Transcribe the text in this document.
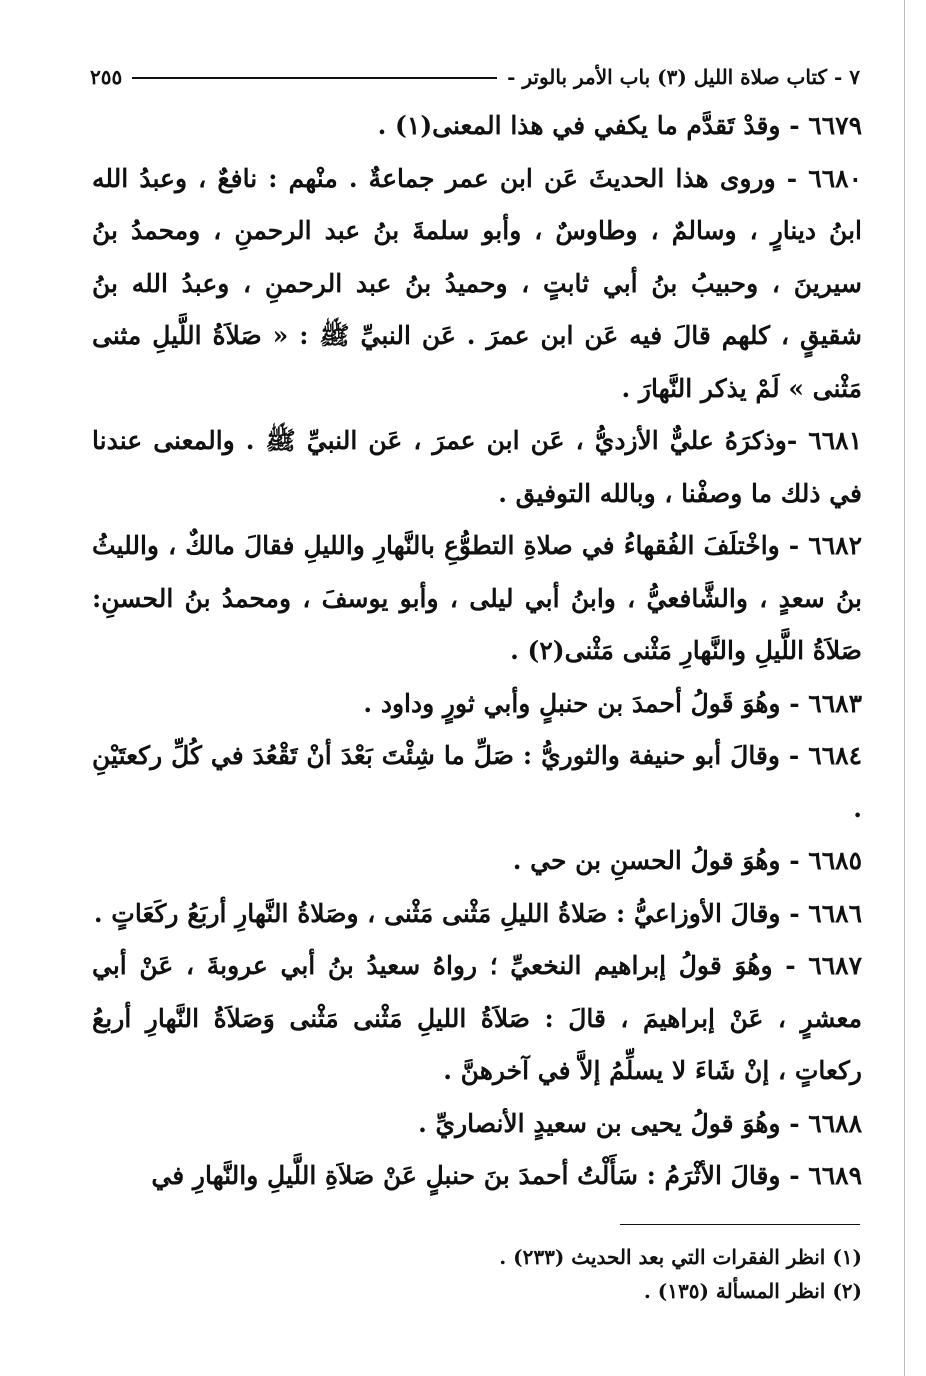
٧ - كتاب صلاة الليل (٣) باب الأمر بالوتر -
٢٥٥

٦٦٧٩ - وقدْ تَقدَّم ما يكفي في هذا المعنى(١) .

٦٦٨٠ - وروى هذا الحديثَ عَن ابن عمر جماعةٌ . منْهم : نافعٌ ، وعبدُ الله ابنُ دينارٍ ، وسالمٌ ، وطاوسٌ ، وأبو سلمةَ بنُ عبد الرحمنِ ، ومحمدُ بنُ سيرينَ ، وحبيبُ بنُ أبي ثابتٍ ، وحميدُ بنُ عبد الرحمنِ ، وعبدُ الله بنُ شقيقٍ ، كلهم قالَ فيه عَن ابن عمرَ . عَن النبيِّ ﷺ : « صَلاَةُ اللَّيلِ مثنى مَثْنى » لَمْ يذكر النَّهارَ .

٦٦٨١ -وذكرَهُ عليٌّ الأزديُّ ، عَن ابن عمرَ ، عَن النبيِّ ﷺ . والمعنى عندنا في ذلك ما وصفْنا ، وبالله التوفيق .

٦٦٨٢ - واخْتلَفَ الفُقهاءُ في صلاةِ التطوُّعِ بالنَّهارِ والليلِ فقالَ مالكٌ ، والليثُ بنُ سعدٍ ، والشَّافعيُّ ، وابنُ أبي ليلى ، وأبو يوسفَ ، ومحمدُ بنُ الحسنِ: صَلاَةُ اللَّيلِ والنَّهارِ مَثْنى مَثْنى(٢) .

٦٦٨٣ - وهُوَ قَولُ أحمدَ بن حنبلٍ وأبي ثورٍ وداود .

٦٦٨٤ - وقالَ أبو حنيفة والثوريُّ : صَلِّ ما شِئْتَ بَعْدَ أنْ تَقْعُدَ في كُلِّ ركعتَيْنِ .

٦٦٨٥ - وهُوَ قولُ الحسنِ بن حي .

٦٦٨٦ - وقالَ الأوزاعيُّ : صَلاةُ الليلِ مَثْنى مَثْنى ، وصَلاةُ النَّهارِ أربَعُ ركَعَاتٍ .

٦٦٨٧ - وهُوَ قولُ إبراهيم النخعيِّ ؛ رواهُ سعيدُ بنُ أبي عروبةَ ، عَنْ أبي معشرٍ ، عَنْ إبراهيمَ ، قالَ : صَلاَةُ الليلِ مَثْنى مَثْنى وَصَلاَةُ النَّهارِ أربعُ ركعاتٍ ، إنْ شَاءَ لا يسلِّمُ إلاَّ في آخرهنَّ .

٦٦٨٨ - وهُوَ قولُ يحيى بن سعيدٍ الأنصاريِّ .

٦٦٨٩ - وقالَ الأثْرَمُ : سَأَلْتُ أحمدَ بنَ حنبلٍ عَنْ صَلاَةِ اللَّيلِ والنَّهارِ في

(١) انظر الفقرات التي بعد الحديث (٢٣٣) .

(٢) انظر المسألة (١٣٥) .
